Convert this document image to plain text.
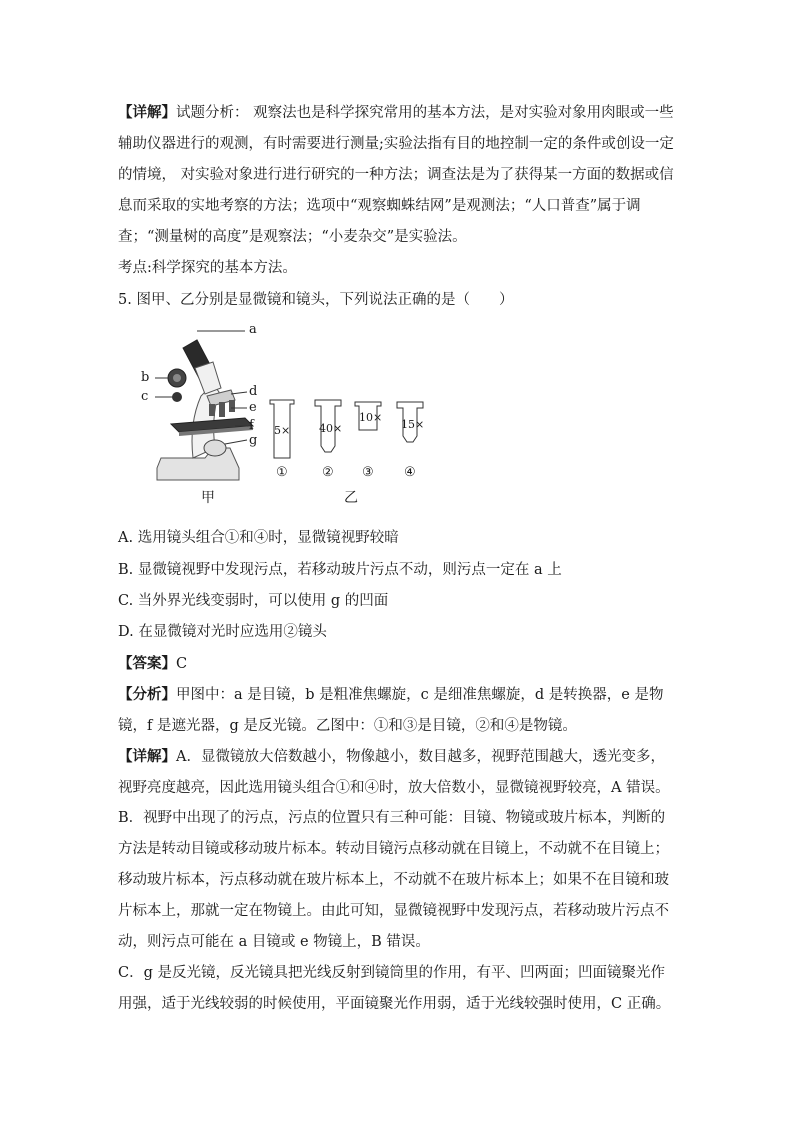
【详解】试题分析： 观察法也是科学探究常用的基本方法，是对实验对象用肉眼或一些辅助仪器进行的观测，有时需要进行测量;实验法指有目的地控制一定的条件或创设一定的情境， 对实验对象进行进行研究的一种方法；调查法是为了获得某一方面的数据或信息而采取的实地考察的方法；选项中“观察蜘蛛结网”是观测法；“人口普查”属于调查；“测量树的高度”是观察法；“小麦杂交”是实验法。

考点:科学探究的基本方法。

5. 图甲、乙分别是显微镜和镜头，下列说法正确的是（　　）

a
b
c	d
e
f
g
5×	40×
10×
15×
①	② ③ ④
甲	乙

A. 选用镜头组合①和④时，显微镜视野较暗

B. 显微镜视野中发现污点，若移动玻片污点不动，则污点一定在 a 上

C. 当外界光线变弱时，可以使用 g 的凹面

D. 在显微镜对光时应选用②镜头

【答案】C

【分析】甲图中：a 是目镜，b 是粗准焦螺旋，c 是细准焦螺旋，d 是转换器，e 是物镜，f 是遮光器，g 是反光镜。乙图中：①和③是目镜，②和④是物镜。

【详解】A．显微镜放大倍数越小，物像越小，数目越多，视野范围越大，透光变多，视野亮度越亮，因此选用镜头组合①和④时，放大倍数小，显微镜视野较亮，A 错误。

B．视野中出现了的污点，污点的位置只有三种可能：目镜、物镜或玻片标本，判断的方法是转动目镜或移动玻片标本。转动目镜污点移动就在目镜上，不动就不在目镜上；移动玻片标本，污点移动就在玻片标本上，不动就不在玻片标本上；如果不在目镜和玻片标本上，那就一定在物镜上。由此可知，显微镜视野中发现污点，若移动玻片污点不动，则污点可能在 a 目镜或 e 物镜上，B 错误。

C．g 是反光镜，反光镜具把光线反射到镜筒里的作用，有平、凹两面；凹面镜聚光作用强，适于光线较弱的时候使用，平面镜聚光作用弱，适于光线较强时使用，C 正确。
